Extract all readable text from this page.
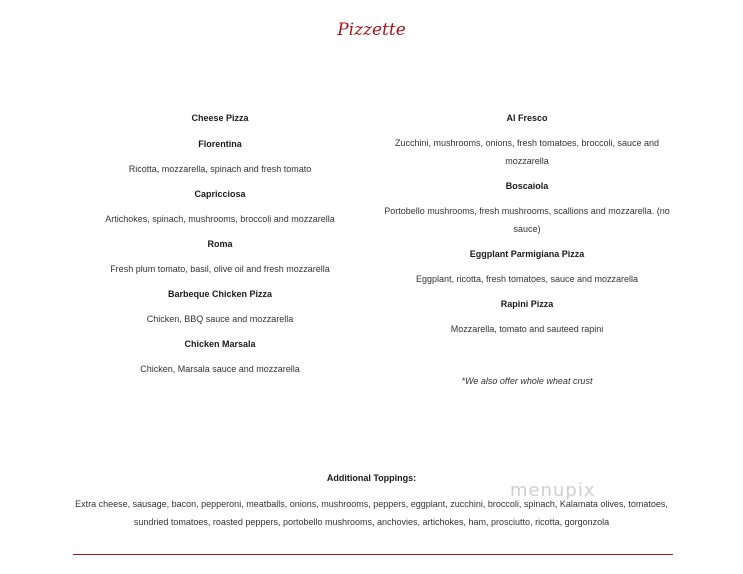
Pizzette
Cheese Pizza
Florentina
Ricotta, mozzarella, spinach and fresh tomato
Capricciosa
Artichokes, spinach, mushrooms, broccoli and mozzarella
Roma
Fresh plum tomato, basil, olive oil and fresh mozzarella
Barbeque Chicken Pizza
Chicken, BBQ sauce and mozzarella
Chicken Marsala
Chicken, Marsala sauce and mozzarella
Al Fresco
Zucchini, mushrooms, onions, fresh tomatoes, broccoli, sauce and mozzarella
Boscaiola
Portobello mushrooms, fresh mushrooms, scallions and mozzarella. (no sauce)
Eggplant Parmigiana Pizza
Eggplant, ricotta, fresh tomatoes, sauce and mozzarella
Rapini Pizza
Mozzarella, tomato and sauteed rapini
*We also offer whole wheat crust
menupix
Additional Toppings:
Extra cheese, sausage, bacon, pepperoni, meatballs, onions, mushrooms, peppers, eggplant, zucchini, broccoli, spinach, Kalamata olives, tomatoes, sundried tomatoes, roasted peppers, portobello mushrooms, anchovies, artichokes, ham, prosciutto, ricotta, gorgonzola
